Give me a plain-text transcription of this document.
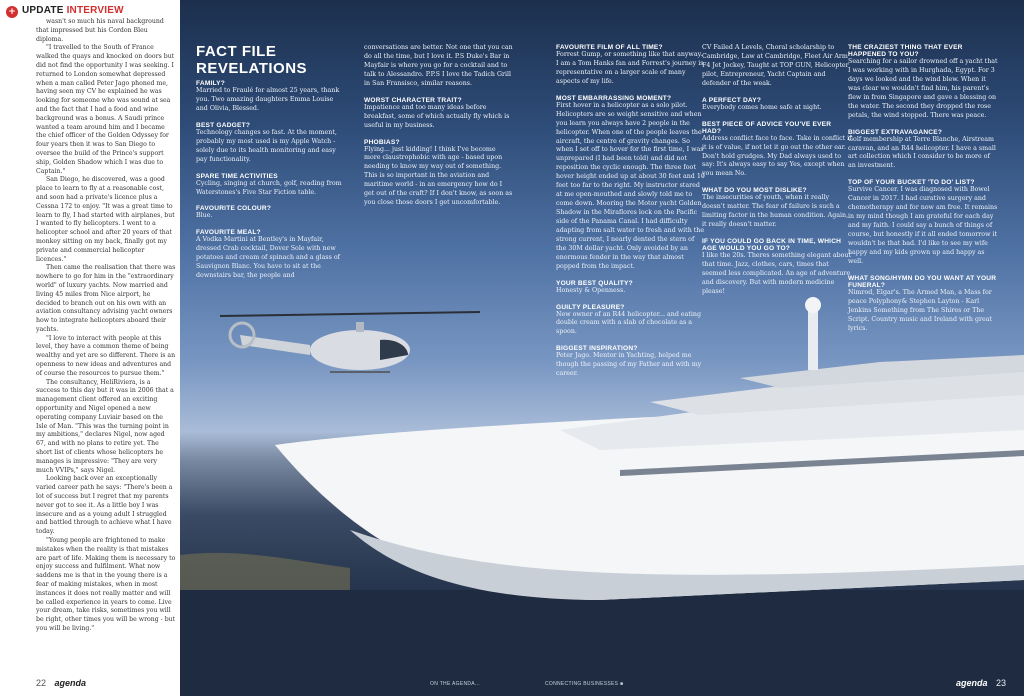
+ UPDATE INTERVIEW

wasn't so much his naval background that impressed but his Cordon Bleu diploma.

"I travelled to the South of France walked the quays and knocked on doors but did not find the opportunity I was seeking. I returned to London somewhat depressed when a man called Peter Jago phoned me, having seen my CV he explained he was looking for someone who was sound at sea and the fact that I had a food and wine background was a bonus. A Saudi prince wanted a team around him and I became the chief officer of the Golden Odyssey for four years then it was to San Diego to oversee the build of the Prince's support ship, Golden Shadow which I was due to Captain."

San Diego, he discovered, was a good place to learn to fly at a reasonable cost, and soon had a private's licence plus a Cessna 172 to enjoy. "It was a great time to learn to fly, I had started with airplanes, but I wanted to fly helicopters. I went to a helicopter school and after 20 years of that monkey sitting on my back, finally got my private and commercial helicopter licences."

Then came the realisation that there was nowhere to go for him in the "extraordinary world" of luxury yachts. Now married and living 45 miles from Nice airport, he decided to branch out on his own with an aviation consultancy advising yacht owners how to integrate helicopters aboard their yachts.

"I love to interact with people at this level, they have a common theme of being wealthy and yet are so different. There is an openness to new ideas and adventures and of course the resources to pursue them."

The consultancy, HeliRiviera, is a success to this day but it was in 2006 that a management client offered an exciting opportunity and Nigel opened a new operating company Luviair based on the Isle of Man. "This was the turning point in my ambitions," declares Nigel, now aged 67, and with no plans to retire yet. The short list of clients whose helicopters he manages is impressive: "They are very much VVIPs," says Nigel.

Looking back over an exceptionally varied career path he says: "There's been a lot of success but I regret that my parents never got to see it. As a little boy I was insecure and as a young adult I struggled and battled through to achieve what I have today.

"Young people are frightened to make mistakes when the reality is that mistakes are part of life. Making them is necessary to enjoy success and fulfilment. What now saddens me is that in the young there is a fear of making mistakes, when in most instances it does not really matter and will be called experience in years to come. Live your dream, take risks, sometimes you will be right, other times you will be wrong - but you will be living."

22 agenda
FACT FILE
REVELATIONS
FAMILY?
Married to Fraulé for almost 25 years, thank you. Two amazing daughters Emma Louise and Olivia, Blessed.
BEST GADGET?
Technology changes so fast. At the moment, probably my most used is my Apple Watch - solely due to its health monitoring and easy pay functionality.
SPARE TIME ACTIVITIES
Cycling, singing at church, golf, reading from Waterstones's Five Star Fiction table.
FAVOURITE COLOUR?
Blue.
FAVOURITE MEAL?
A Vodka Martini at Bentley's in Mayfair, dressed Crab cocktail, Dover Sole with new potatoes and cream of spinach and a glass of Sauvignon Blanc. You have to sit at the downstairs bar, the people and
conversations are better. Not one that you can do all the time, but I love it. P.S Duke's Bar in Mayfair is where you go for a cocktail and to talk to Alessandro. P.P.S I love the Tadich Grill in San Fransisco, similar reasons.
WORST CHARACTER TRAIT?
Impatience and too many ideas before breakfast, some of which actually fly which is useful in my business.
PHOBIAS?
Flying... just kidding! I think I've become more claustrophobic with age - based upon needing to know my way out of something. This is so important in the aviation and maritime world - in an emergency how do I get out of the craft? If I don't know, as soon as you close those doors I get uncomfortable.
FAVOURITE FILM OF ALL TIME?
Forrest Gump, or something like that anyway. I am a Tom Hanks fan and Forrest's journey is representative on a larger scale of many aspects of my life.
MOST EMBARRASSING MOMENT?
First hover in a helicopter as a solo pilot. Helicopters are so weight sensitive and when you learn you always have 2 people in the helicopter. When one of the people leaves the aircraft, the centre of gravity changes. So when I set off to hover for the first time, I was unprepared (I had been told) and did not reposition the cyclic enough. The three foot hover height ended up at about 30 feet and 10 feet too far to the right. My instructor stared at me open-mouthed and slowly told me to come down. Mooring the Motor yacht Golden Shadow in the Miraflores lock on the Pacific side of the Panama Canal. I had difficulty adapting from salt water to fresh and with the strong current, I nearly dented the stern of the 30M dollar yacht. Only avoided by an enormous fender in the way that almost popped from the impact.
YOUR BEST QUALITY?
Honesty & Openness.
GUILTY PLEASURE?
New owner of an R44 helicopter... and eating double cream with a slab of chocolate as a spoon.
BIGGEST INSPIRATION?
Peter Jago. Mentor in Yachting, helped me though the passing of my Father and with my career.
CV Failed A Levels, Choral scholarship to Cambridge, Law at Cambridge, Fleet Air Arm F4 Jet Jockey, Taught at TOP GUN, Helicopter pilot, Entrepreneur, Yacht Captain and defender of the weak.
A PERFECT DAY?
Everybody comes home safe at night.
BEST PIECE OF ADVICE YOU'VE EVER HAD?
Address conflict face to face. Take in conflict if it is of value, if not let it go out the other ear. Don't hold grudges. My Dad always used to say: It's always easy to say Yes, except when you mean No.
WHAT DO YOU MOST DISLIKE?
The insecurities of youth, when it really doesn't matter. The fear of failure is such a limiting factor in the human condition. Again, it really doesn't matter.
IF YOU COULD GO BACK IN TIME, WHICH AGE WOULD YOU GO TO?
I like the 20s. Theres something elegant about that time. Jazz, clothes, cars, times that seemed less complicated. An age of adventure and discovery. But with modern medicine please!
THE CRAZIEST THING THAT EVER HAPPENED TO YOU?
Searching for a sailor drowned off a yacht that I was working with in Hurghada, Egypt. For 3 days we looked and the wind blew. When it was clear we wouldn't find him, his parent's flew in from Singapore and gave a blessing on the water. The second they dropped the rose petals, the wind stopped. There was peace.
BIGGEST EXTRAVAGANCE?
Golf membership at Terre Blanche, Airstream caravan, and an R44 helicopter. I have a small art collection which I consider to be more of an investment.
TOP OF YOUR BUCKET 'TO DO' LIST?
Survive Cancer. I was diagnosed with Bowel Cancer in 2017. I had curative surgery and chemotherapy and for now am free. It remains in my mind though I am grateful for each day and my faith. I could say a bunch of things of course, but honestly if it all ended tomorrow it wouldn't be that bad. I'd like to see my wife happy and my kids grown up and happy as well.
WHAT SONG/HYMN DO YOU WANT AT YOUR FUNERAL?
Nimrod, Elgar's. The Armed Man, a Mass for peace Polyphony& Stephen Layton - Karl Jenkins Something from The Shires or The Script. Country music and Ireland with great lyrics.
ON THE AGENDA...	CONNECTING BUSINESSES ■	agenda 23
